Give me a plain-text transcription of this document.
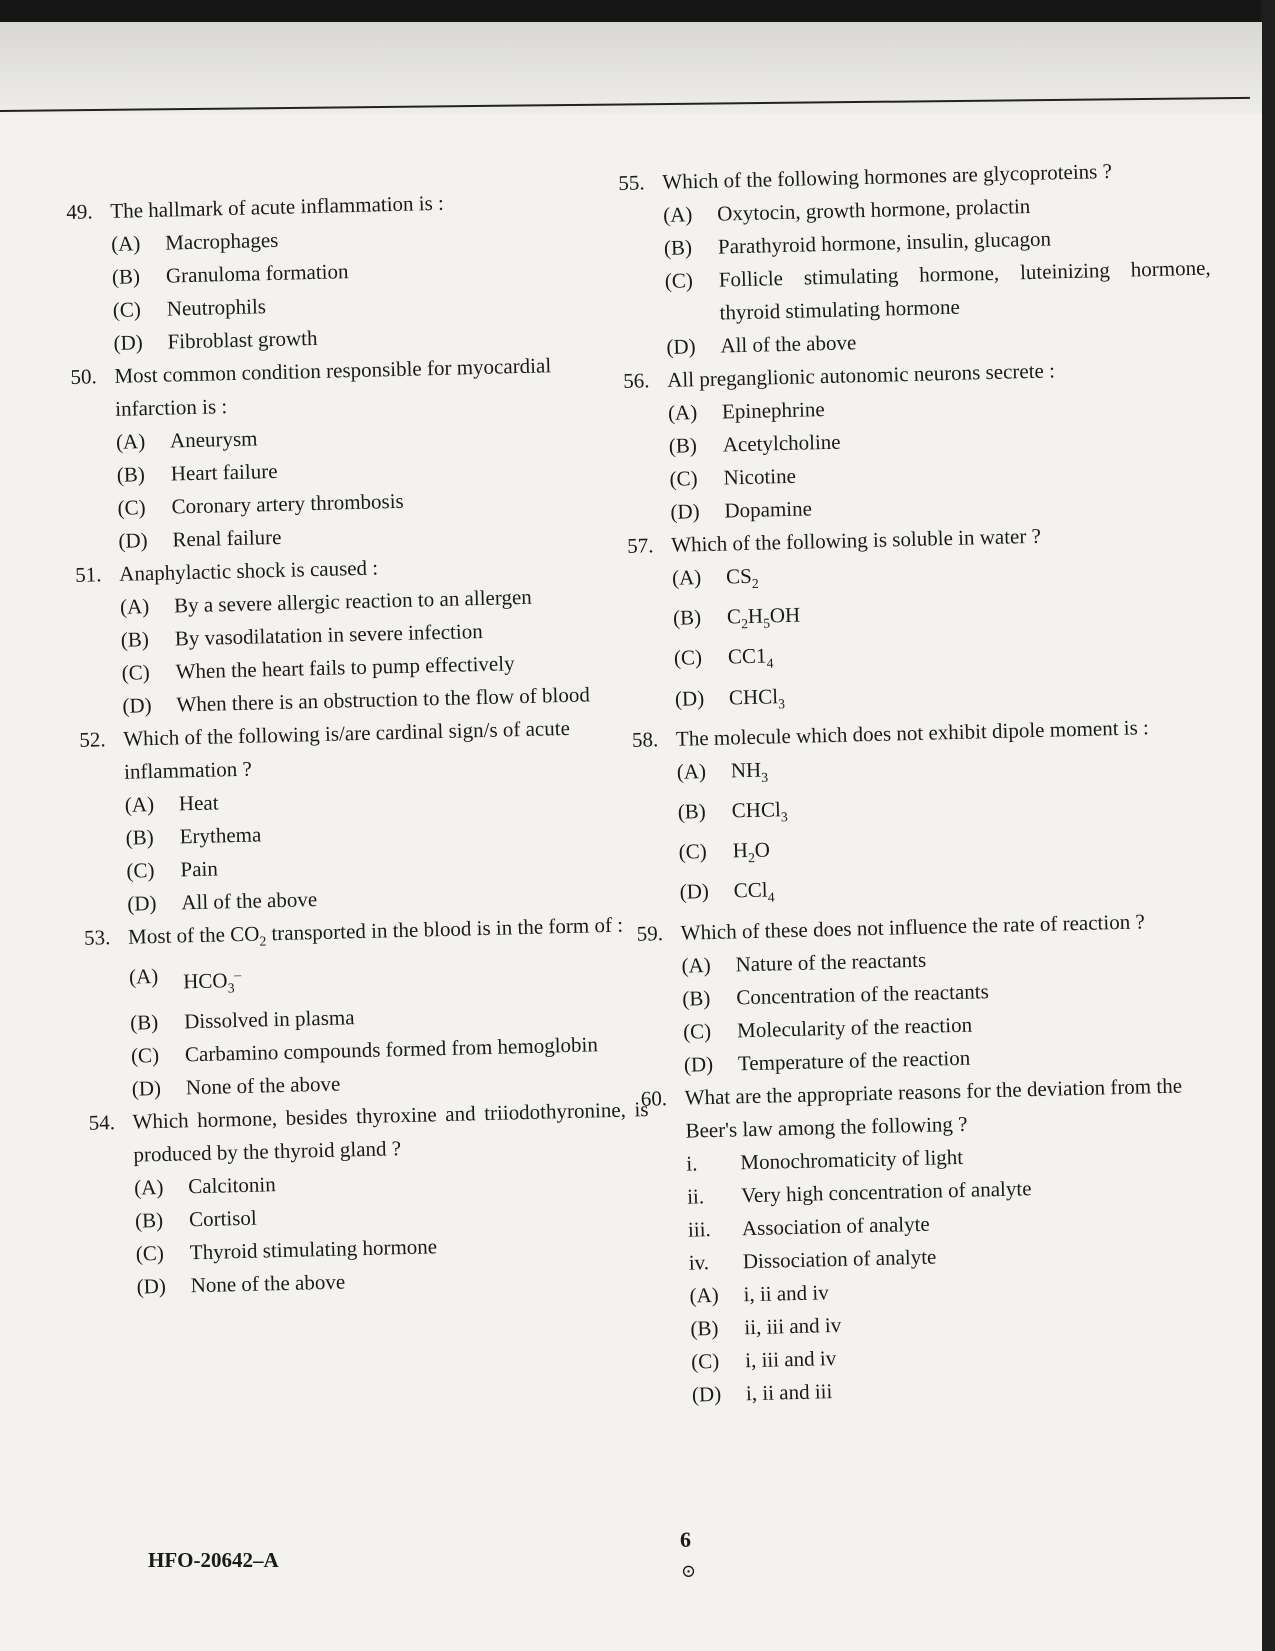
49. The hallmark of acute inflammation is :
(A)	Macrophages
(B)	Granuloma formation
(C)	Neutrophils
(D)	Fibroblast growth
50. Most common condition responsible for myocardial infarction is :
(A)	Aneurysm
(B)	Heart failure
(C)	Coronary artery thrombosis
(D)	Renal failure
51. Anaphylactic shock is caused :
(A)	By a severe allergic reaction to an allergen
(B)	By vasodilatation in severe infection
(C)	When the heart fails to pump effectively
(D)	When there is an obstruction to the flow of blood
52. Which of the following is/are cardinal sign/s of acute inflammation ?
(A)	Heat
(B)	Erythema
(C)	Pain
(D)	All of the above
53. Most of the $CO_2$ transported in the blood is in the form of :
(A)	$HCO_3^-$
(B)	Dissolved in plasma
(C)	Carbamino compounds formed from hemoglobin
(D)	None of the above
54. Which hormone, besides thyroxine and triiodothyronine, is produced by the thyroid gland ?
(A)	Calcitonin
(B)	Cortisol
(C)	Thyroid stimulating hormone
(D)	None of the above
55. Which of the following hormones are glycoproteins ?
(A)	Oxytocin, growth hormone, prolactin
(B)	Parathyroid hormone, insulin, glucagon
(C)	Follicle stimulating hormone, luteinizing hormone, thyroid stimulating hormone
(D)	All of the above
56. All preganglionic autonomic neurons secrete :
(A)	Epinephrine
(B)	Acetylcholine
(C)	Nicotine
(D)	Dopamine
57. Which of the following is soluble in water ?
(A)	$CS_2$
(B)	$C_2H_5OH$
(C)	$CC1_4$
(D)	CHCl$_3$
58. The molecule which does not exhibit dipole moment is :
(A)	$NH_3$
(B)	CHCl$_3$
(C)	$H_2O$
(D)	CCl$_4$
59. Which of these does not influence the rate of reaction ?
(A)	Nature of the reactants
(B)	Concentration of the reactants
(C)	Molecularity of the reaction
(D)	Temperature of the reaction
60. What are the appropriate reasons for the deviation from the Beer's law among the following ?
i.	Monochromaticity of light
ii.	Very high concentration of analyte
iii.	Association of analyte
iv.	Dissociation of analyte
(A)	i, ii and iv
(B)	ii, iii and iv
(C)	i, iii and iv
(D)	i, ii and iii
6
⊙
HFO-20642–A
